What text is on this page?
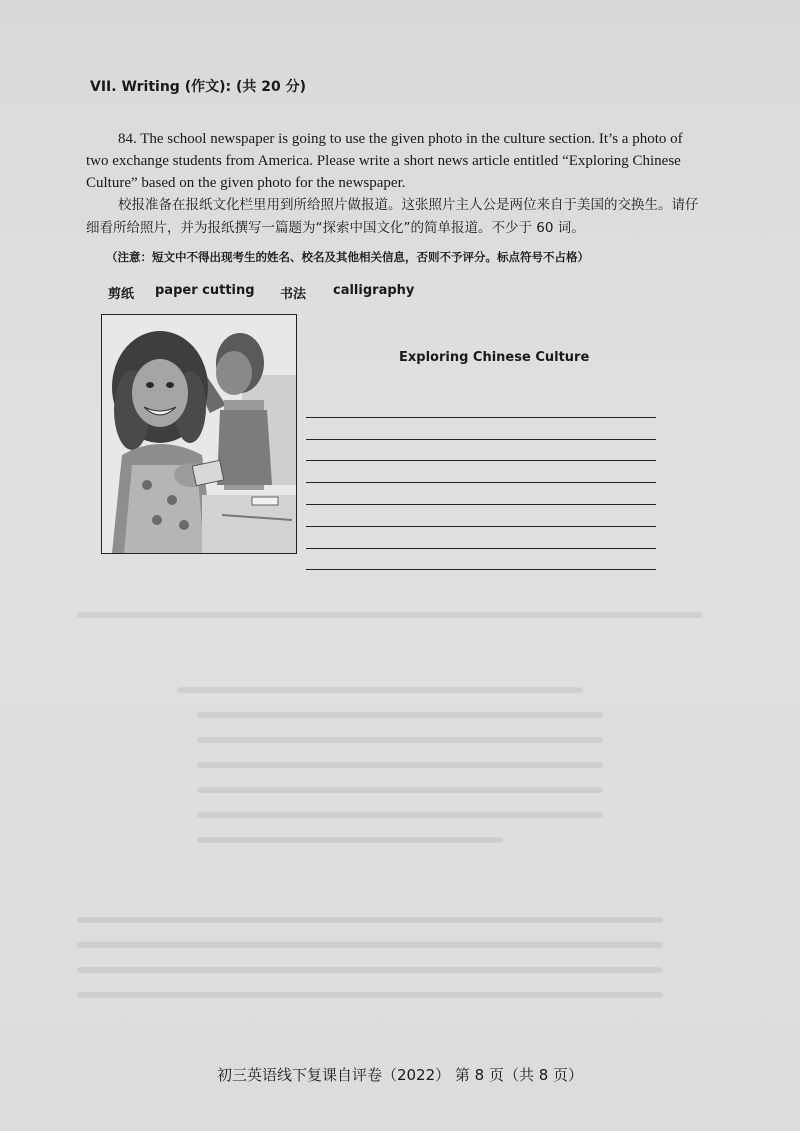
VII. Writing (作文): (共 20 分)
84. The school newspaper is going to use the given photo in the culture section. It’s a photo of two exchange students from America. Please write a short news article entitled “Exploring Chinese Culture” based on the given photo for the newspaper.
校报准备在报纸文化栏里用到所给照片做报道。这张照片主人公是两位来自于美国的交换生。请仔细看所给照片，并为报纸撰写一篇题为“探索中国文化”的简单报道。不少于 60 词。
（注意：短文中不得出现考生的姓名、校名及其他相关信息，否则不予评分。标点符号不占格）
剪纸 paper cutting 书法 calligraphy
Exploring Chinese Culture
初三英语线下复课自评卷（2022） 第 8 页（共 8 页）
